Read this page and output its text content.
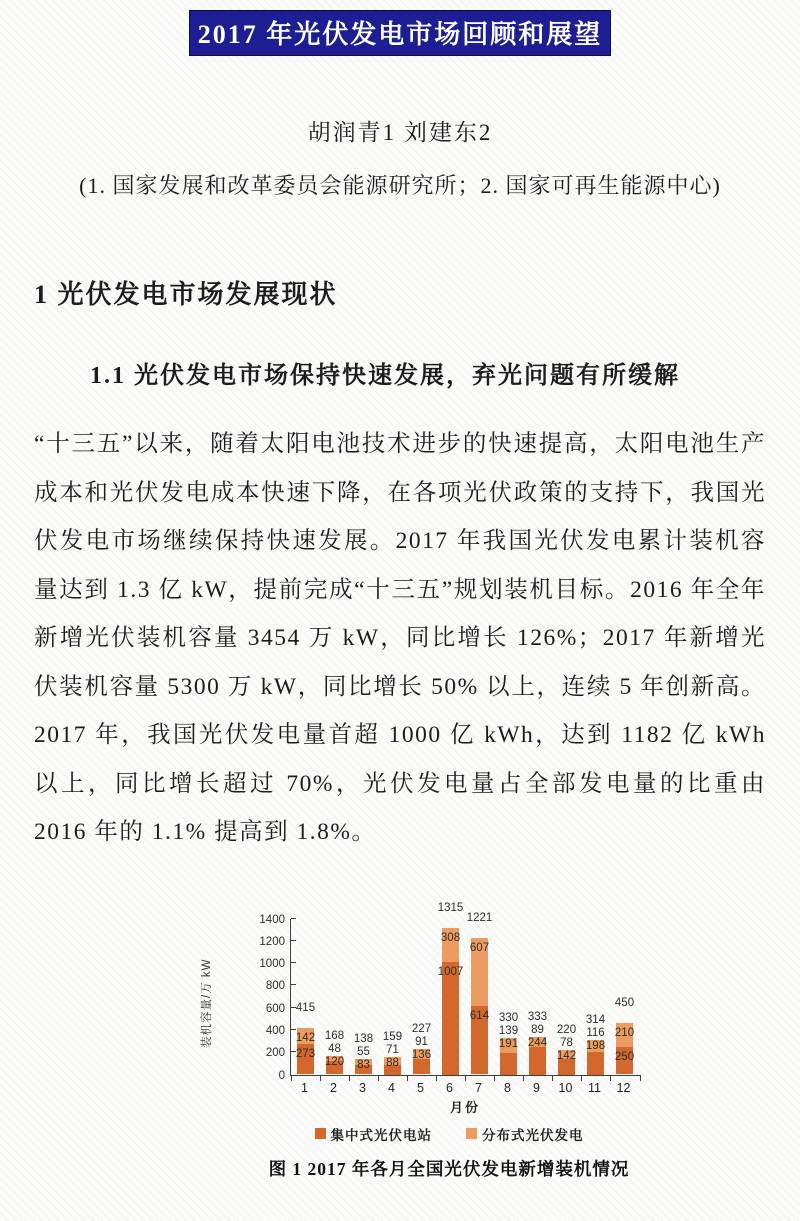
2017 年光伏发电市场回顾和展望
胡润青1 刘建东2
(1. 国家发展和改革委员会能源研究所；2. 国家可再生能源中心)
1 光伏发电市场发展现状
1.1 光伏发电市场保持快速发展，弃光问题有所缓解
“十三五”以来，随着太阳电池技术进步的快速提高，太阳电池生产成本和光伏发电成本快速下降，在各项光伏政策的支持下，我国光伏发电市场继续保持快速发展。2017 年我国光伏发电累计装机容量达到 1.3 亿 kW，提前完成“十三五”规划装机目标。2016 年全年新增光伏装机容量 3454 万 kW，同比增长 126%；2017 年新增光伏装机容量 5300 万 kW，同比增长 50% 以上，连续 5 年创新高。2017 年，我国光伏发电量首超 1000 亿 kWh，达到 1182 亿 kWh 以上，同比增长超过 70%，光伏发电量占全部发电量的比重由 2016 年的 1.1% 提高到 1.8%。
装机容量/万 kW
0
200
400
600
800
1000
1200
1400
415
142
273
168
48
120
138
55
83
159
71
88
227
91
136
1315
308
1007
1221
607
614 330
139
191
333
89
244
220
78
142
314
116
198
450
210
250
1	2	3	4	5	6	7	8	9	10	11	12
月份
集中式光伏电站	分布式光伏发电
图 1 2017 年各月全国光伏发电新增装机情况
